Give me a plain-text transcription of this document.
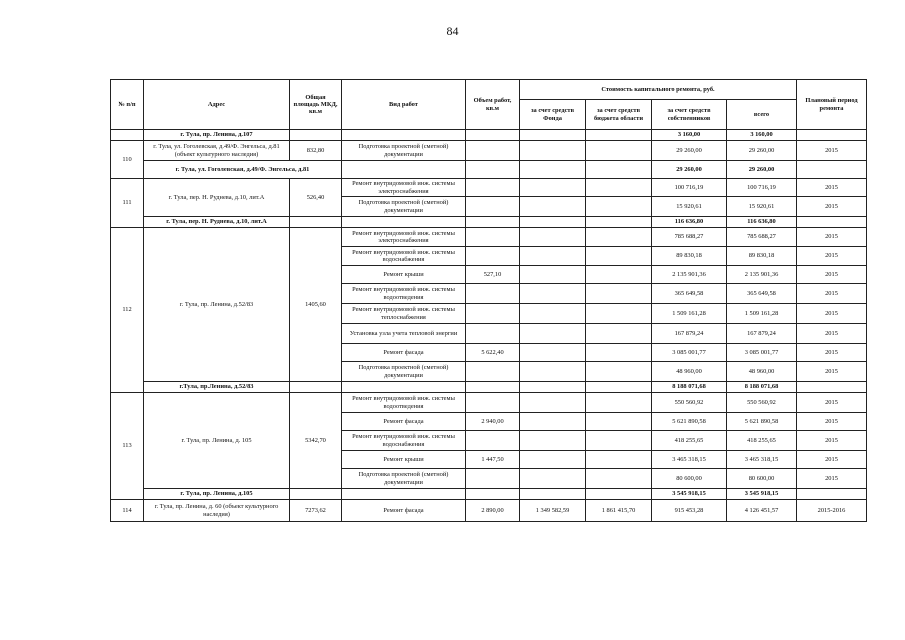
84
№ п/п	Адрес	Общая площадь МКД, кв.м	Вид работ	Объем работ, кв.м	Стоимость капитального ремонта, руб.				Плановый период ремонта
					за счет средств Фонда	за счет средств бюджета области	за счет средств собственников	всего	
	г. Тула, пр. Ленина, д.107						3 160,00	3 160,00	
110	г. Тула, ул. Гоголевская, д.49/Ф. Энгельса, д.81 (объект культурного наследия)	832,80	Подготовка проектной (сметной) документации				29 260,00	29 260,00	2015
	г. Тула, ул. Гоголевская, д.49/Ф. Энгельса, д.81						29 260,00	29 260,00	
111	г. Тула, пер. Н. Руднева, д.10, лит.А	526,40	Ремонт внутридомовой инж. системы электроснабжения				100 716,19	100 716,19	2015
			Подготовка проектной (сметной) документации				15 920,61	15 920,61	2015
	г. Тула, пер. Н. Руднева, д.10, лит.А						116 636,80	116 636,80	
112	г. Тула, пр. Ленина, д.52/83	1405,60	Ремонт внутридомовой инж. системы электроснабжения				785 688,27	785 688,27	2015
			Ремонт внутридомовой инж. системы водоснабжения				89 830,18	89 830,18	2015
			Ремонт крыши	527,10			2 135 901,36	2 135 901,36	2015
			Ремонт внутридомовой инж. системы водоотведения				365 649,58	365 649,58	2015
			Ремонт внутридомовой инж. системы теплоснабжения				1 509 161,28	1 509 161,28	2015
			Установка узла учета тепловой энергии				167 879,24	167 879,24	2015
			Ремонт фасада	5 622,40			3 085 001,77	3 085 001,77	2015
			Подготовка проектной (сметной) документации				48 960,00	48 960,00	2015
	г.Тула, пр.Ленина, д.52/83						8 188 071,68	8 188 071,68	
113	г. Тула, пр. Ленина, д. 105	5342,70	Ремонт внутридомовой инж. системы водоотведения				550 560,92	550 560,92	2015
			Ремонт фасада	2 940,00			5 621 890,58	5 621 890,58	2015
			Ремонт внутридомовой инж. системы водоснабжения				418 255,65	418 255,65	2015
			Ремонт крыши	1 447,50			3 465 318,15	3 465 318,15	2015
			Подготовка проектной (сметной) документации				80 600,00	80 600,00	2015
	г. Тула, пр. Ленина, д.105						3 545 918,15	3 545 918,15	
114	г. Тула, пр. Ленина, д. 60 (объект культурного наследия)	7273,62	Ремонт фасада	2 890,00	1 349 582,59	1 861 415,70	915 453,28	4 126 451,57	2015-2016
